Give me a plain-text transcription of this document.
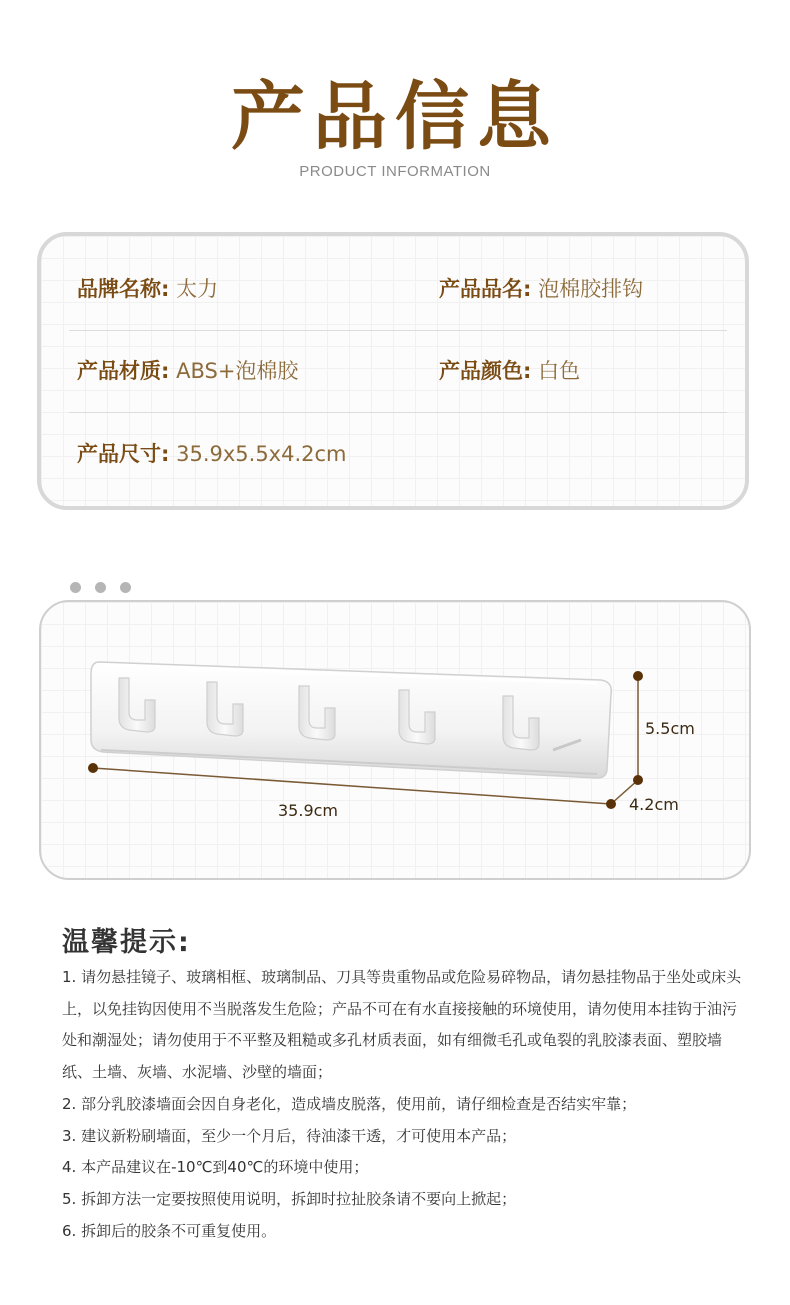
产品信息
PRODUCT INFORMATION
品牌名称: 太力	产品品名: 泡棉胶排钩
产品材质: ABS+泡棉胶	产品颜色: 白色
产品尺寸: 35.9x5.5x4.2cm

5.5cm
35.9cm	4.2cm
温馨提示:

1. 请勿悬挂镜子、玻璃相框、玻璃制品、刀具等贵重物品或危险易碎物品，请勿悬挂物品于坐处或床头上，以免挂钩因使用不当脱落发生危险；产品不可在有水直接接触的环境使用，请勿使用本挂钩于油污处和潮湿处；请勿使用于不平整及粗糙或多孔材质表面，如有细微毛孔或龟裂的乳胶漆表面、塑胶墙纸、土墙、灰墙、水泥墙、沙壁的墙面；

2. 部分乳胶漆墙面会因自身老化，造成墙皮脱落，使用前，请仔细检查是否结实牢靠；

3. 建议新粉刷墙面，至少一个月后，待油漆干透，才可使用本产品；

4. 本产品建议在-10℃到40℃的环境中使用；

5. 拆卸方法一定要按照使用说明，拆卸时拉扯胶条请不要向上掀起；

6. 拆卸后的胶条不可重复使用。
